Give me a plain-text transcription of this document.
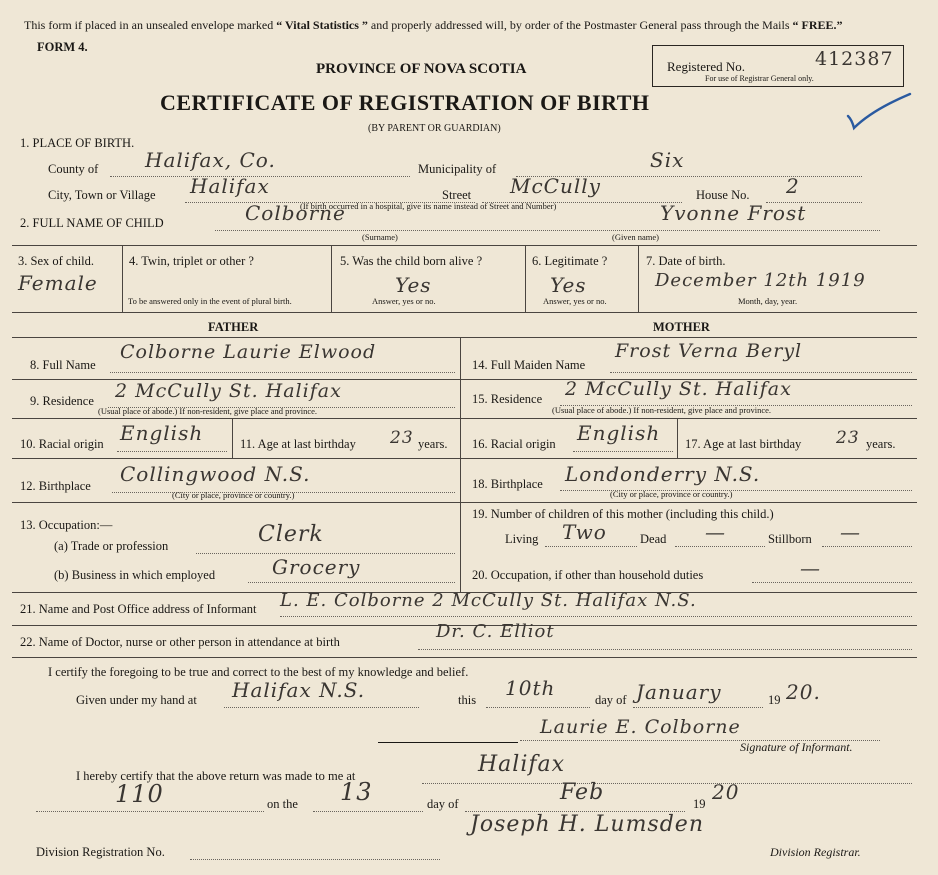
This form if placed in an unsealed envelope marked “ Vital Statistics ” and properly addressed will, by order of the Postmaster General pass through the Mails “ FREE.”
FORM 4.
PROVINCE OF NOVA SCOTIA
CERTIFICATE OF REGISTRATION OF BIRTH
(BY PARENT OR GUARDIAN)
Registered No.	412387
For use of Registrar General only.
1. PLACE OF BIRTH.
County of Halifax, Co.	Municipality of	Six
City, Town or Village Halifax	Street McCully	House No. 2
(If birth occurred in a hospital, give its name instead of Street and Number)
2. FULL NAME OF CHILD	Colborne
(Surname)
Yvonne Frost
(Given name)
3. Sex of child.
Female
4. Twin, triplet or other ?
To be answered only in the event of plural birth.
5. Was the child born alive ?
Yes
Answer, yes or no.
6. Legitimate ?
Yes
Answer, yes or no.
7. Date of birth.
December 12th 1919
Month, day, year.
FATHER	MOTHER
8. Full Name
Colborne Laurie Elwood
9. Residence 2 McCully St. Halifax
(Usual place of abode.) If non-resident, give place and province.
10. Racial origin English	11. Age at last birthday 23 years.
12. Birthplace Collingwood N.S.
(City or place, province or country.)
13. Occupation:—
(a) Trade or profession	Clerk
(b) Business in which employed	Grocery
14. Full Maiden Name
Frost Verna Beryl
15. Residence 2 McCully St. Halifax
(Usual place of abode.) If non-resident, give place and province.
16. Racial origin English 17. Age at last birthday 23 years.
18. Birthplace Londonderry N.S.
(City or place, province or country.)
19. Number of children of this mother (including this child.)
Living Two	Dead —	Stillborn —
20. Occupation, if other than household duties	—
21. Name and Post Office address of Informant L. E. Colborne 2 McCully St. Halifax N.S.
22. Name of Doctor, nurse or other person in attendance at birth	Dr. C. Elliot
I certify the foregoing to be true and correct to the best of my knowledge and belief.
Given under my hand at Halifax N.S.	this 10th	day of January	19 20.
Laurie E. Colborne
Signature of Informant.
I hereby certify that the above return was made to me at	Halifax
110	on the 13	day of	Feb	19 20
Joseph H. Lumsden
Division Registration No.	Division Registrar.
